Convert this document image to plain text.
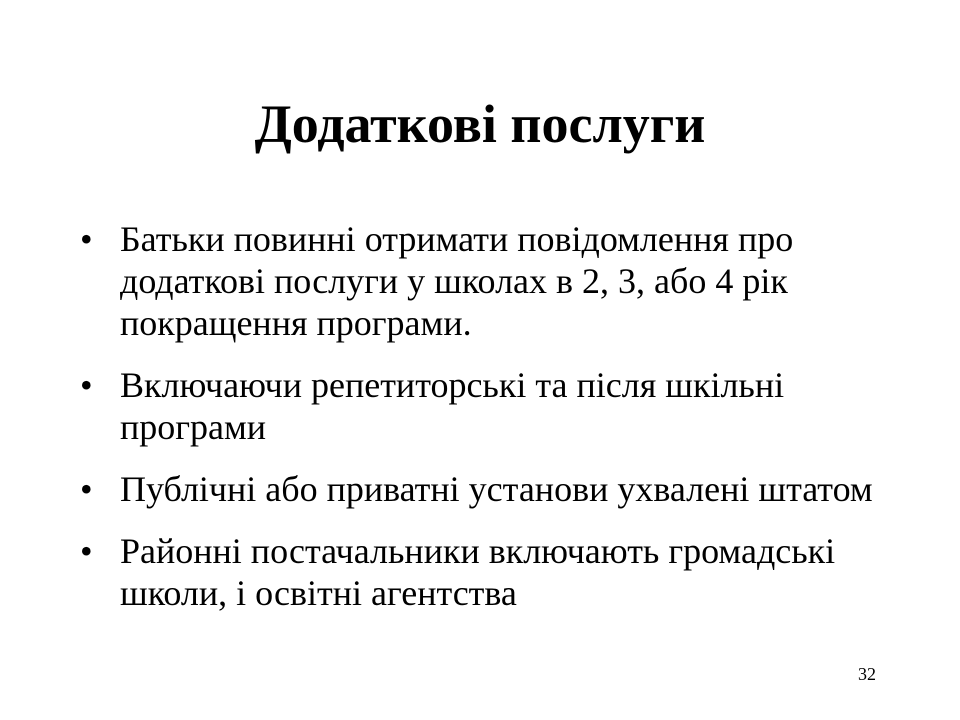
Додаткові послуги
• Батьки повинні отримати повідомлення про додаткові послуги у школах в 2, 3, або 4 рік покращення програми.
• Включаючи репетиторські та після шкільні програми
• Публічні або приватні установи ухвалені штатом
• Районні постачальники включають громадські школи, і освітні агентства
32
